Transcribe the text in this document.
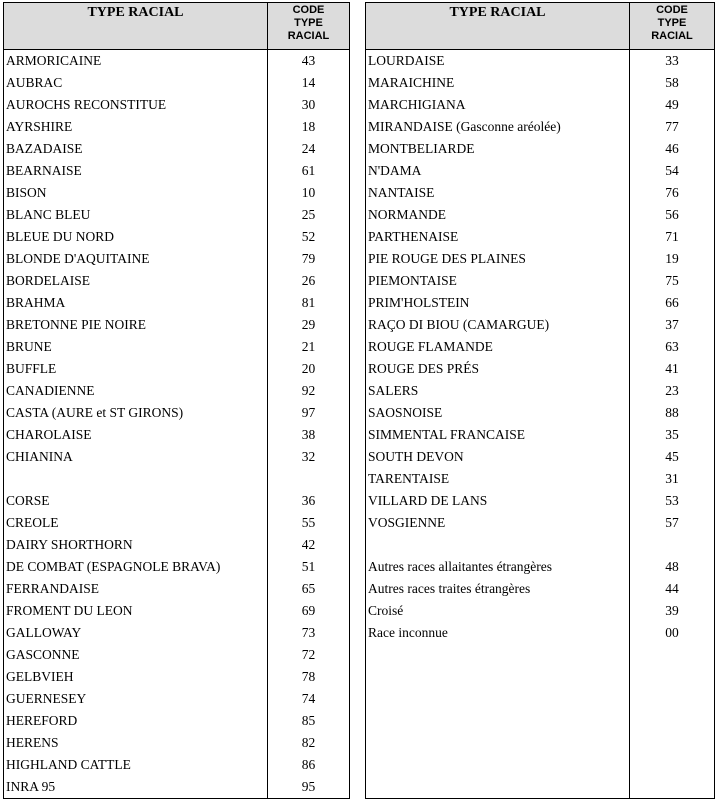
TYPE RACIAL	CODE
TYPE
RACIAL

ARMORICAINE	43
AUBRAC	14
AUROCHS RECONSTITUE	30
AYRSHIRE	18
BAZADAISE	24
BEARNAISE	61
BISON	10
BLANC BLEU	25
BLEUE DU NORD	52
BLONDE D'AQUITAINE	79
BORDELAISE	26
BRAHMA	81
BRETONNE PIE NOIRE	29
BRUNE	21
BUFFLE	20
CANADIENNE	92
CASTA (AURE et ST GIRONS)	97
CHAROLAISE	38
CHIANINA	32

CORSE	36
CREOLE	55
DAIRY SHORTHORN	42
DE COMBAT (ESPAGNOLE BRAVA)	51
FERRANDAISE	65
FROMENT DU LEON	69
GALLOWAY	73
GASCONNE	72
GELBVIEH	78
GUERNESEY	74
HEREFORD	85
HERENS	82
HIGHLAND CATTLE	86
INRA 95	95
TYPE RACIAL	CODE
TYPE
RACIAL

LOURDAISE	33
MARAICHINE	58
MARCHIGIANA	49
MIRANDAISE (Gasconne aréolée)	77
MONTBELIARDE	46
N'DAMA	54
NANTAISE	76
NORMANDE	56
PARTHENAISE	71
PIE ROUGE DES PLAINES	19
PIEMONTAISE	75
PRIM'HOLSTEIN	66
RAÇO DI BIOU (CAMARGUE)	37
ROUGE FLAMANDE	63
ROUGE DES PRÉS	41
SALERS	23
SAOSNOISE	88
SIMMENTAL FRANCAISE	35
SOUTH DEVON	45
TARENTAISE	31
VILLARD DE LANS	53
VOSGIENNE	57

Autres races allaitantes étrangères	48
Autres races traites étrangères	44
Croisé	39
Race inconnue	00
